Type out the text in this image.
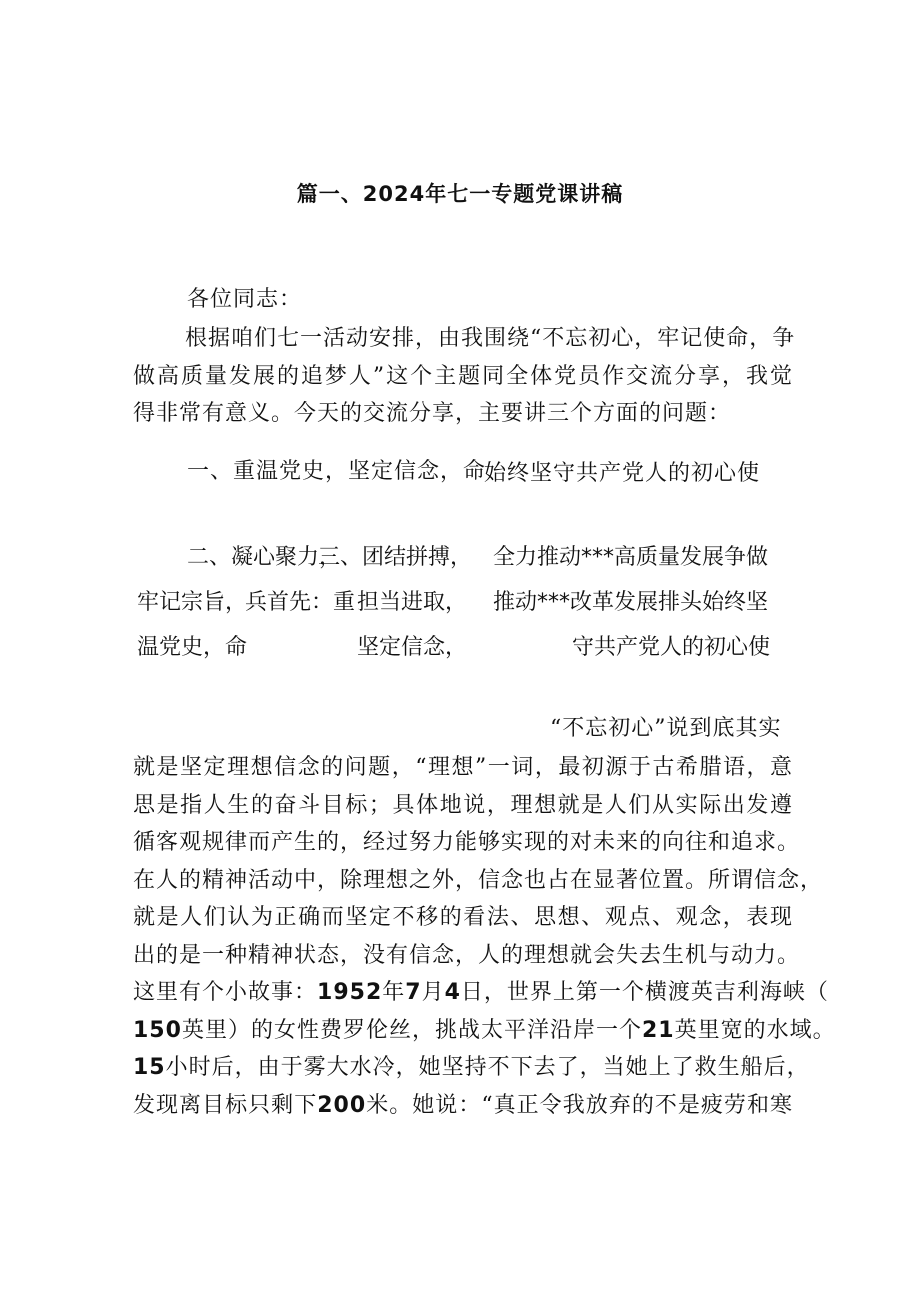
篇一、2024年七一专题党课讲稿
各位同志：
根据咱们七一活动安排，由我围绕“不忘初心，牢记使命，争
做高质量发展的追梦人”这个主题同全体党员作交流分享，我觉
得非常有意义。今天的交流分享，主要讲三个方面的问题：
一、重温党史，坚定信念，命
始终坚守共产党人的初心使
二、凝心聚力，
牢记宗旨，
温党史，命
三、团结拼搏，
兵首先：重 担当进取，
坚定信念，
全力推动***高质量发展争做
推动***改革发展排头始终坚
守共产党人的初心使
“不忘初心”说到底其实
就是坚定理想信念的问题，“理想”一词，最初源于古希腊语，意
思是指人生的奋斗目标；具体地说，理想就是人们从实际出发遵
循客观规律而产生的，经过努力能够实现的对未来的向往和追求。
在人的精神活动中，除理想之外，信念也占在显著位置。所谓信念，
就是人们认为正确而坚定不移的看法、思想、观点、观念，表现
出的是一种精神状态，没有信念，人的理想就会失去生机与动力。
这里有个小故事：1952年7月4日，世界上第一个横渡英吉利海峡（
150英里）的女性费罗伦丝，挑战太平洋沿岸一个21英里宽的水域。
15小时后，由于雾大水冷，她坚持不下去了，当她上了救生船后，
发现离目标只剩下200米。她说：“真正令我放弃的不是疲劳和寒
